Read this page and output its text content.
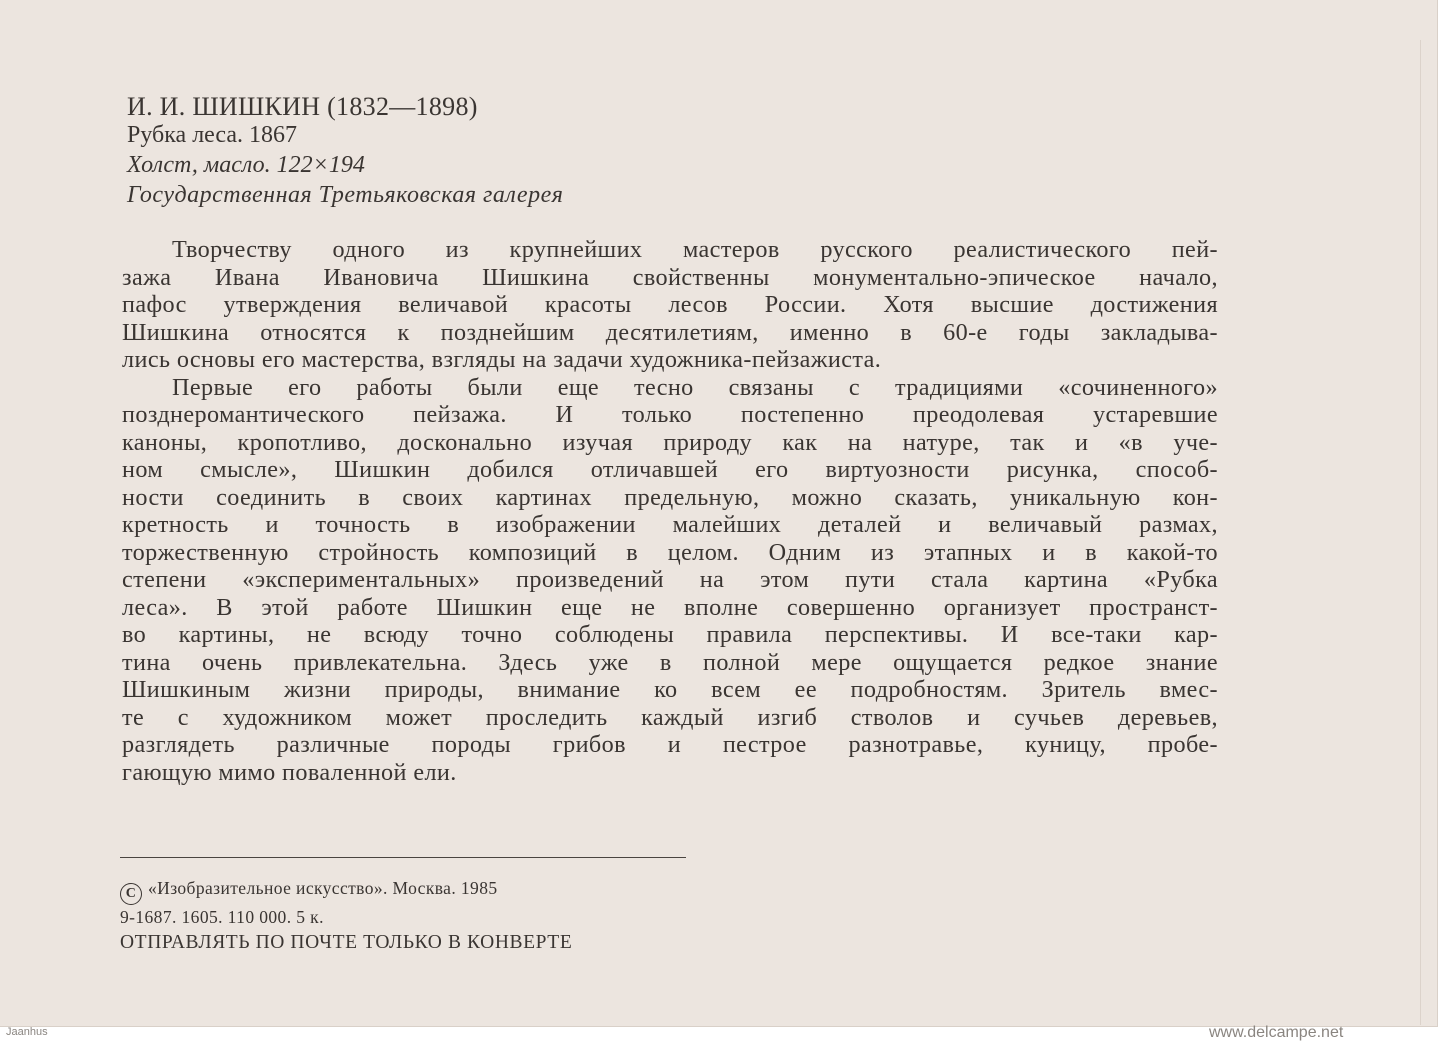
И. И. ШИШКИН (1832—1898)
Рубка леса. 1867
Холст, масло. 122×194
Государственная Третьяковская галерея
Творчеству одного из крупнейших мастеров русского реалистического пей-
зажа Ивана Ивановича Шишкина свойственны монументально-эпическое начало,
пафос утверждения величавой красоты лесов России. Хотя высшие достижения
Шишкина относятся к позднейшим десятилетиям, именно в 60-е годы закладыва-
лись основы его мастерства, взгляды на задачи художника-пейзажиста.
Первые его работы были еще тесно связаны с традициями «сочиненного»
позднеромантического пейзажа. И только постепенно преодолевая устаревшие
каноны, кропотливо, досконально изучая природу как на натуре, так и «в уче-
ном смысле», Шишкин добился отличавшей его виртуозности рисунка, способ-
ности соединить в своих картинах предельную, можно сказать, уникальную кон-
кретность и точность в изображении малейших деталей и величавый размах,
торжественную стройность композиций в целом. Одним из этапных и в какой-то
степени «экспериментальных» произведений на этом пути стала картина «Рубка
леса». В этой работе Шишкин еще не вполне совершенно организует пространст-
во картины, не всюду точно соблюдены правила перспективы. И все-таки кар-
тина очень привлекательна. Здесь уже в полной мере ощущается редкое знание
Шишкиным жизни природы, внимание ко всем ее подробностям. Зритель вмес-
те с художником может проследить каждый изгиб стволов и сучьев деревьев,
разглядеть различные породы грибов и пестрое разнотравье, куницу, пробе-
гающую мимо поваленной ели.
C «Изобразительное искусство». Москва. 1985
9-1687. 1605. 110 000. 5 к.
ОТПРАВЛЯТЬ ПО ПОЧТЕ ТОЛЬКО В КОНВЕРТЕ
Jaanhus	www.delcampe.net
